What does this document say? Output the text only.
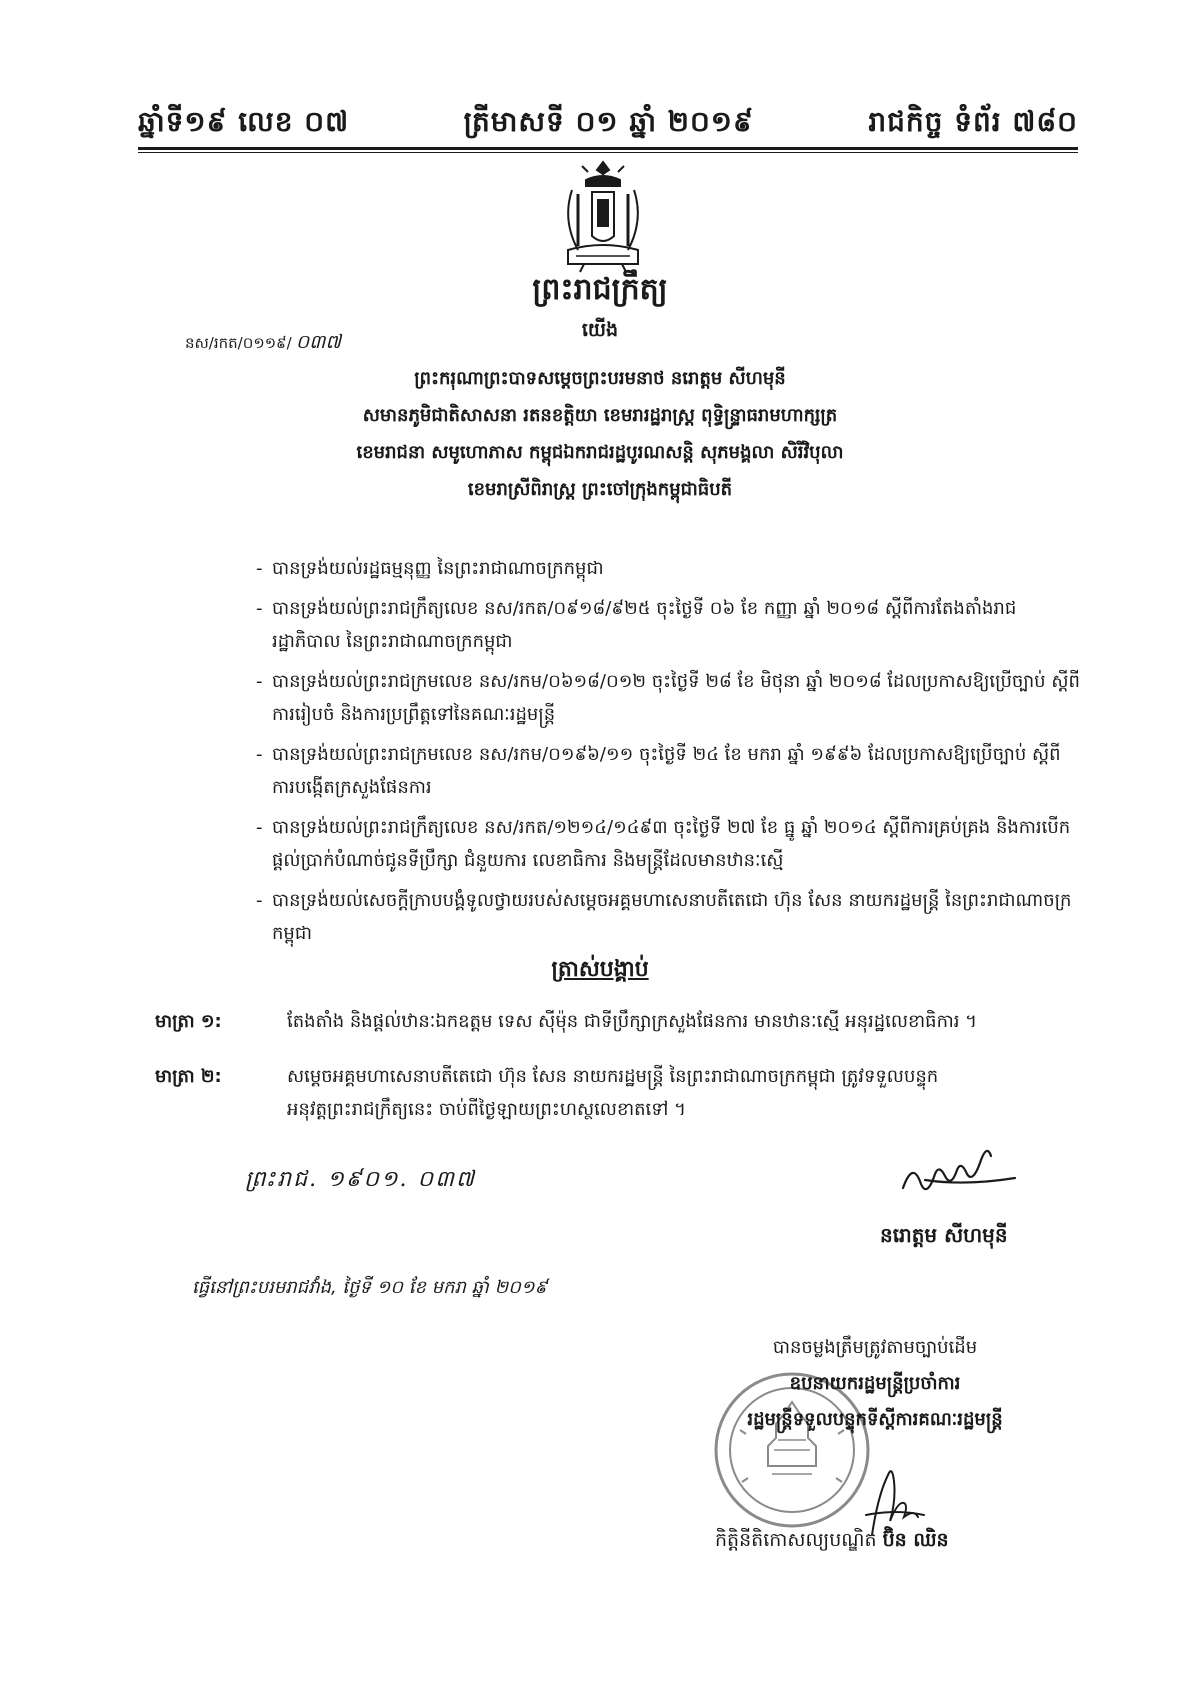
ឆ្នាំទី១៩ លេខ ០៧	ត្រីមាសទី ០១ ឆ្នាំ ២០១៩	រាជកិច្ច ទំព័រ ៧៨០
ព្រះរាជក្រឹត្យ
យើង
នស/រកត/០១១៩/ ០៣៧
ព្រះករុណាព្រះបាទសម្តេចព្រះបរមនាថ នរោត្តម សីហមុនី
សមានភូមិជាតិសាសនា រតនខត្តិយា ខេមរារដ្ឋរាស្ត្រ ពុទ្ធិន្ទ្រាធរាមហាក្សត្រ
ខេមរាជនា សមូហោភាស កម្ពុជឯករាជរដ្ឋបូរណសន្តិ សុភមង្គលា សិរីវិបុលា
ខេមរាស្រីពិរាស្ត្រ ព្រះចៅក្រុងកម្ពុជាធិបតី
- បានទ្រង់យល់រដ្ឋធម្មនុញ្ញ នៃព្រះរាជាណាចក្រកម្ពុជា
- បានទ្រង់យល់ព្រះរាជក្រឹត្យលេខ នស/រកត/០៩១៨/៩២៥ ចុះថ្ងៃទី ០៦ ខែ កញ្ញា ឆ្នាំ ២០១៨ ស្តីពីការតែងតាំងរាជរដ្ឋាភិបាល នៃព្រះរាជាណាចក្រកម្ពុជា
- បានទ្រង់យល់ព្រះរាជក្រមលេខ នស/រកម/០៦១៨/០១២ ចុះថ្ងៃទី ២៨ ខែ មិថុនា ឆ្នាំ ២០១៨ ដែលប្រកាសឱ្យប្រើច្បាប់ ស្តីពីការរៀបចំ និងការប្រព្រឹត្តទៅនៃគណៈរដ្ឋមន្ត្រី
- បានទ្រង់យល់ព្រះរាជក្រមលេខ នស/រកម/០១៩៦/១១ ចុះថ្ងៃទី ២៤ ខែ មករា ឆ្នាំ ១៩៩៦ ដែលប្រកាសឱ្យប្រើច្បាប់ ស្តីពីការបង្កើតក្រសួងផែនការ
- បានទ្រង់យល់ព្រះរាជក្រឹត្យលេខ នស/រកត/១២១៤/១៤៩៣ ចុះថ្ងៃទី ២៧ ខែ ធ្នូ ឆ្នាំ ២០១៤ ស្តីពីការគ្រប់គ្រង និងការបើកផ្តល់ប្រាក់បំណាច់ជូនទីប្រឹក្សា ជំនួយការ លេខាធិការ និងមន្ត្រីដែលមានឋានៈស្មើ
- បានទ្រង់យល់សេចក្តីក្រាបបង្គំទូលថ្វាយរបស់សម្តេចអគ្គមហាសេនាបតីតេជោ ហ៊ុន សែន នាយករដ្ឋមន្ត្រី នៃព្រះរាជាណាចក្រកម្ពុជា
ត្រាស់បង្គាប់
មាត្រា ១:	តែងតាំង និងផ្តល់ឋានៈឯកឧត្តម ទេស ស៊ីម៉ុន ជាទីប្រឹក្សាក្រសួងផែនការ មានឋានៈស្មើ អនុរដ្ឋលេខាធិការ ។
មាត្រា ២:	សម្តេចអគ្គមហាសេនាបតីតេជោ ហ៊ុន សែន នាយករដ្ឋមន្ត្រី នៃព្រះរាជាណាចក្រកម្ពុជា ត្រូវទទួលបន្ទុក
អនុវត្តព្រះរាជក្រឹត្យនេះ ចាប់ពីថ្ងៃឡាយព្រះហស្ថលេខាតទៅ ។
ព្រះរាជ. ១៩០១. ០៣៧
នរោត្តម សីហមុនី
ធ្វើនៅព្រះបរមរាជវាំង, ថ្ងៃទី ១០ ខែ មករា ឆ្នាំ ២០១៩
បានចម្លងត្រឹមត្រូវតាមច្បាប់ដើម
ឧបនាយករដ្ឋមន្ត្រីប្រចាំការ
រដ្ឋមន្ត្រីទទួលបន្ទុកទីស្តីការគណៈរដ្ឋមន្ត្រី
កិត្តិនីតិកោសល្យបណ្ឌិត ប៊ិន ឈិន
